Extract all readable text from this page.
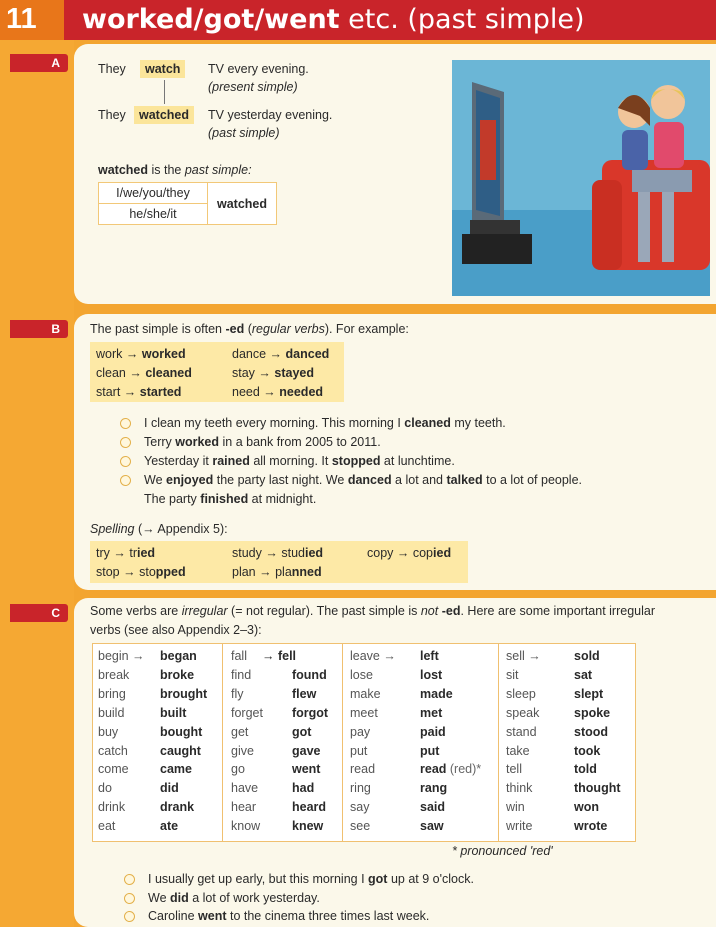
11 worked/got/went etc. (past simple)
A	They	watch	TV every evening.
(present simple)
They	watched	TV yesterday evening.
(past simple)
watched is the past simple:
I/we/you/they	watched
he/she/it
B	The past simple is often -ed (regular verbs). For example:
work → worked	dance → danced
clean → cleaned	stay → stayed
start → started	need → needed
I clean my teeth every morning. This morning I cleaned my teeth.
Terry worked in a bank from 2005 to 2011.
Yesterday it rained all morning. It stopped at lunchtime.
We enjoyed the party last night. We danced a lot and talked to a lot of people.
The party finished at midnight.
Spelling (→ Appendix 5):
try → tried	study → studied	copy → copied
stop → stopped	plan → planned
C	Some verbs are irregular (= not regular). The past simple is not -ed. Here are some important irregular
verbs (see also Appendix 2–3):
begin → began
break broke
bring	brought
build	built
buy	bought
catch	caught
come	came
do	did
drink	drank
eat	ate
fall → fell
find	found
fly	flew
forget forgot
get	got
give	gave
go	went
have	had
hear	heard
know	knew
leave → left
lose	lost
make	made
meet	met
pay	paid
put	put
read	read (red)*
ring	rang
say	said
see	saw
sell →	sold
sit	sat
sleep	slept
speak	spoke
stand	stood
take	took
tell	told
think	thought
win	won
write	wrote
* pronounced 'red'
I usually get up early, but this morning I got up at 9 o'clock.
We did a lot of work yesterday.
Caroline went to the cinema three times last week.
